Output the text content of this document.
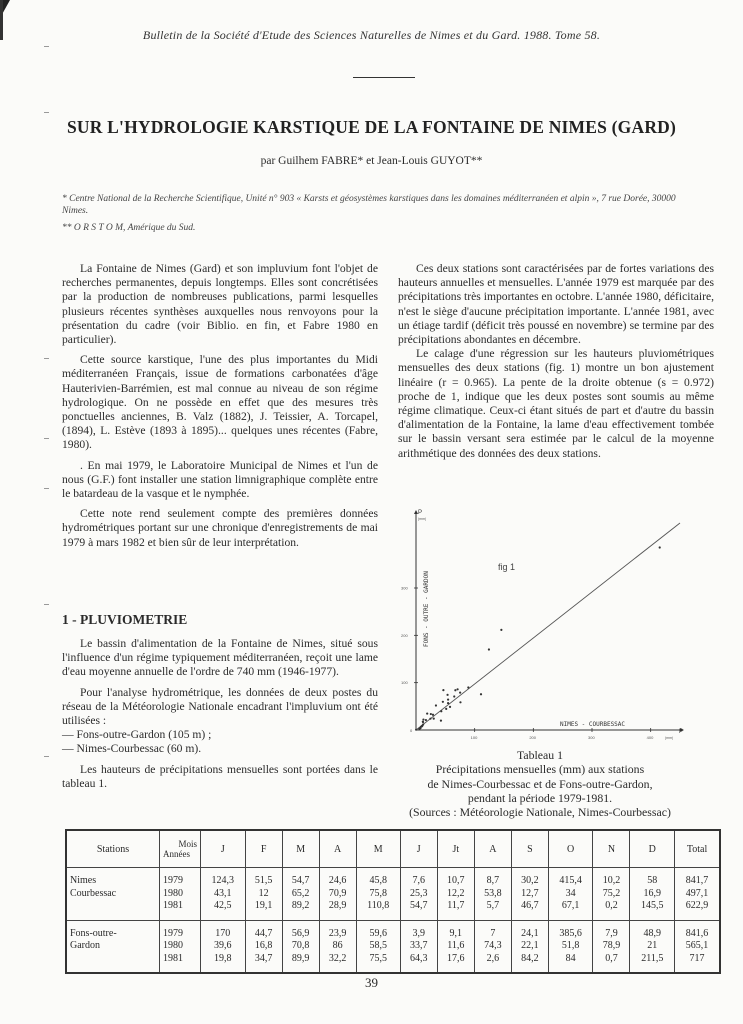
Bulletin de la Société d'Etude des Sciences Naturelles de Nimes et du Gard. 1988. Tome 58.
SUR L'HYDROLOGIE KARSTIQUE DE LA FONTAINE DE NIMES (GARD)
par Guilhem FABRE* et Jean-Louis GUYOT**
* Centre National de la Recherche Scientifique, Unité n° 903 « Karsts et géosystèmes karstiques dans les domaines méditerranéen et alpin », 7 rue Dorée, 30000 Nimes.
** O R S T O M, Amérique du Sud.

La Fontaine de Nimes (Gard) et son impluvium font l'objet de recherches permanentes, depuis longtemps. Elles sont concrétisées par la production de nombreuses publications, parmi lesquelles plusieurs récentes synthèses auxquelles nous renvoyons pour la présentation du cadre (voir Biblio. en fin, et Fabre 1980 en particulier).

Cette source karstique, l'une des plus importantes du Midi méditerranéen Français, issue de formations carbonatées d'âge Hauterivien-Barrémien, est mal connue au niveau de son régime hydrologique. On ne possède en effet que des mesures très ponctuelles anciennes, B. Valz (1882), J. Teissier, A. Torcapel, (1894), L. Estève (1893 à 1895)... quelques unes récentes (Fabre, 1980).

. En mai 1979, le Laboratoire Municipal de Nimes et l'un de nous (G.F.) font installer une station limnigraphique complète entre le batardeau de la vasque et le nymphée.

Cette note rend seulement compte des premières données hydrométriques portant sur une chronique d'enregistrements de mai 1979 à mars 1982 et bien sûr de leur interprétation.

1 - PLUVIOMETRIE

Le bassin d'alimentation de la Fontaine de Nimes, situé sous l'influence d'un régime typiquement méditerranéen, reçoit une lame d'eau moyenne annuelle de l'ordre de 740 mm (1946-1977).

Pour l'analyse hydrométrique, les données de deux postes du réseau de la Météorologie Nationale encadrant l'impluvium ont été utilisées :

— Fons-outre-Gardon (105 m) ;

— Nimes-Courbessac (60 m).

Les hauteurs de précipitations mensuelles sont portées dans le tableau 1.

Ces deux stations sont caractérisées par de fortes variations des hauteurs annuelles et mensuelles. L'année 1979 est marquée par des précipitations très importantes en octobre. L'année 1980, déficitaire, n'est le siège d'aucune précipitation importante. L'année 1981, avec un étiage tardif (déficit très poussé en novembre) se termine par des précipitations abondantes en décembre.

Le calage d'une régression sur les hauteurs pluviométriques mensuelles des deux stations (fig. 1) montre un bon ajustement linéaire (r = 0.965). La pente de la droite obtenue (s = 0.972) proche de 1, indique que les deux postes sont soumis au même régime climatique. Ceux-ci étant situés de part et d'autre du bassin d'alimentation de la Fontaine, la lame d'eau effectivement tombée sur le bassin versant sera estimée par le calcul de la moyenne arithmétique des données des deux stations.

100	200	300	400
100
200
300
0
fig 1
NIMES - COURBESSAC
FONS - OUTRE - GARDON
P
(mm)
P
(mm)
Tableau 1
Précipitations mensuelles (mm) aux stations
de Nimes-Courbessac et de Fons-outre-Gardon,
pendant la période 1979-1981.
(Sources : Météorologie Nationale, Nimes-Courbessac)
Stations	Mois
Années	J	F	M	A	M	J	Jt	A	S	O	N	D	Total

Nimes
Courbessac	1979
1980
1981	124,3
43,1
42,5	51,5
12
19,1	54,7
65,2
89,2	24,6
70,9
28,9	45,8
75,8
110,8	7,6
25,3
54,7	10,7
12,2
11,7	8,7
53,8
5,7	30,2
12,7
46,7	415,4
34
67,1	10,2
75,2
0,2	58
16,9
145,5	841,7
497,1
622,9

Fons-outre-
Gardon	1979
1980
1981	170
39,6
19,8	44,7
16,8
34,7	56,9
70,8
89,9	23,9
86
32,2	59,6
58,5
75,5	3,9
33,7
64,3	9,1
11,6
17,6	7
74,3
2,6	24,1
22,1
84,2	385,6
51,8
84	7,9
78,9
0,7	48,9
21
211,5	841,6
565,1
717
39
